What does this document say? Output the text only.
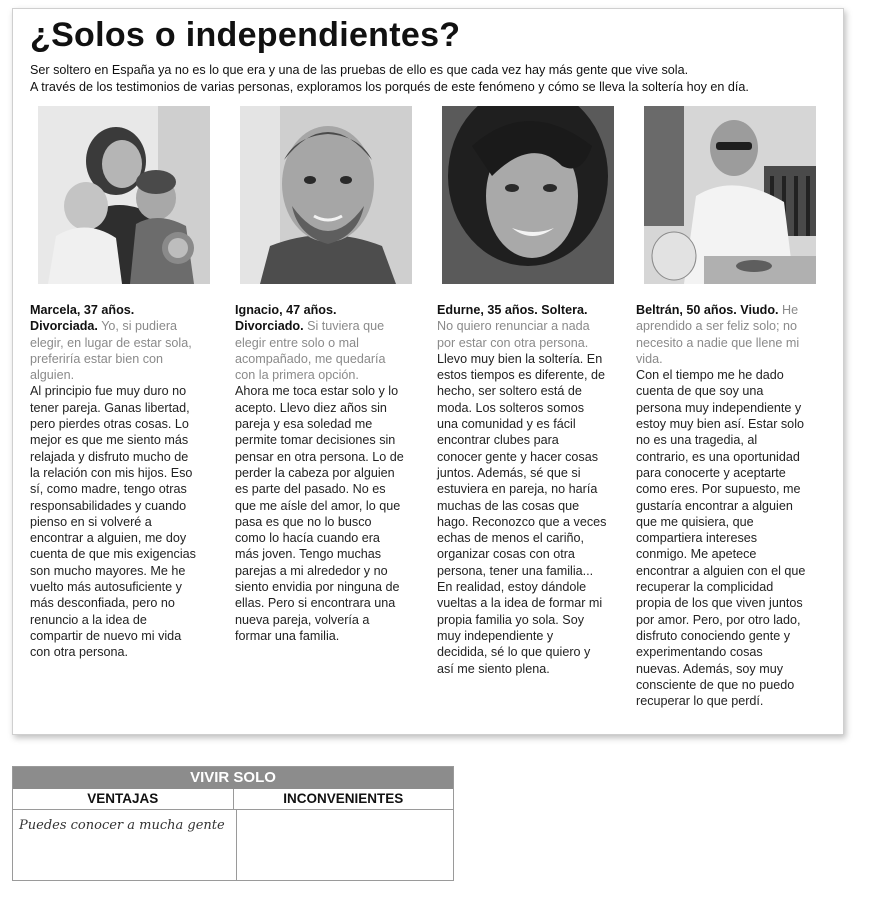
¿Solos o independientes?

Ser soltero en España ya no es lo que era y una de las pruebas de ello es que cada vez hay más gente que vive sola.

A través de los testimonios de varias personas, exploramos los porqués de este fenómeno y cómo se lleva la soltería hoy en día.

Marcela, 37 años. Divorciada. Yo, si pudiera elegir, en lugar de estar sola, preferiría estar bien con alguien.

Al principio fue muy duro no tener pareja. Ganas libertad, pero pierdes otras cosas. Lo mejor es que me siento más relajada y disfruto mucho de la relación con mis hijos. Eso sí, como madre, tengo otras responsabilidades y cuando pienso en si volveré a encontrar a alguien, me doy cuenta de que mis exigencias son mucho mayores. Me he vuelto más autosuficiente y más desconfiada, pero no renuncio a la idea de compartir de nuevo mi vida con otra persona.

Ignacio, 47 años. Divorciado. Si tuviera que elegir entre solo o mal acompañado, me quedaría con la primera opción.

Ahora me toca estar solo y lo acepto. Llevo diez años sin pareja y esa soledad me permite tomar decisiones sin pensar en otra persona. Lo de perder la cabeza por alguien es parte del pasado. No es que me aísle del amor, lo que pasa es que no lo busco como lo hacía cuando era más joven. Tengo muchas parejas a mi alrededor y no siento envidia por ninguna de ellas. Pero si encontrara una nueva pareja, volvería a formar una familia.

Edurne, 35 años. Soltera. No quiero renunciar a nada por estar con otra persona.

Llevo muy bien la soltería. En estos tiempos es diferente, de hecho, ser soltero está de moda. Los solteros somos una comunidad y es fácil encontrar clubes para conocer gente y hacer cosas juntos. Además, sé que si estuviera en pareja, no haría muchas de las cosas que hago. Reconozco que a veces echas de menos el cariño, organizar cosas con otra persona, tener una familia... En realidad, estoy dándole vueltas a la idea de formar mi propia familia yo sola. Soy muy independiente y decidida, sé lo que quiero y así me siento plena.

Beltrán, 50 años. Viudo. He aprendido a ser feliz solo; no necesito a nadie que llene mi vida.

Con el tiempo me he dado cuenta de que soy una persona muy independiente y estoy muy bien así. Estar solo no es una tragedia, al contrario, es una oportunidad para conocerte y aceptarte como eres. Por supuesto, me gustaría encontrar a alguien que me quisiera, que compartiera intereses conmigo. Me apetece encontrar a alguien con el que recuperar la complicidad propia de los que viven juntos por amor. Pero, por otro lado, disfruto conociendo gente y experimentando cosas nuevas. Además, soy muy consciente de que no puedo recuperar lo que perdí.

VIVIR SOLO
VENTAJAS	INCONVENIENTES
Puedes conocer a mucha gente
